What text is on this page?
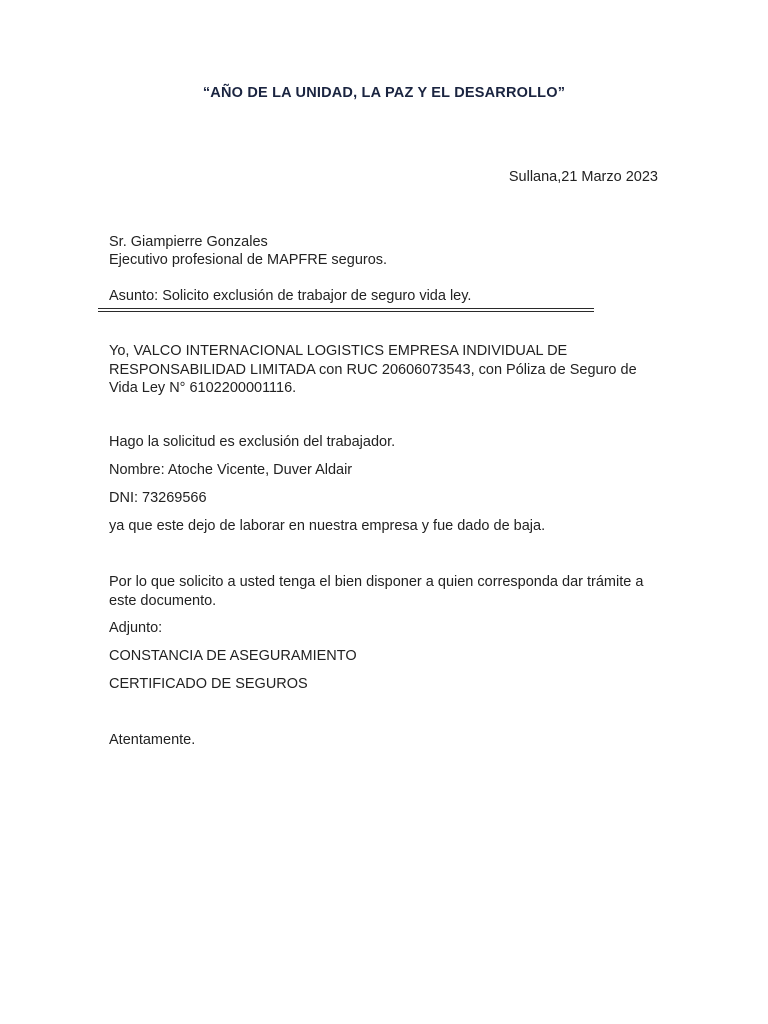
“AÑO DE LA UNIDAD, LA PAZ Y EL DESARROLLO”
Sullana,21 Marzo 2023
Sr. Giampierre Gonzales
Ejecutivo profesional de MAPFRE seguros.
Asunto: Solicito exclusión de trabajor de seguro vida ley.
Yo, VALCO INTERNACIONAL LOGISTICS EMPRESA INDIVIDUAL DE RESPONSABILIDAD LIMITADA con RUC 20606073543, con Póliza de Seguro de Vida Ley N° 6102200001116.
Hago la solicitud es exclusión del trabajador.
Nombre: Atoche Vicente, Duver Aldair
DNI: 73269566
ya que este dejo de laborar en nuestra empresa y fue dado de baja.
Por lo que solicito a usted tenga el bien disponer a quien corresponda dar trámite a este documento.
Adjunto:
CONSTANCIA DE ASEGURAMIENTO
CERTIFICADO DE SEGUROS
Atentamente.
